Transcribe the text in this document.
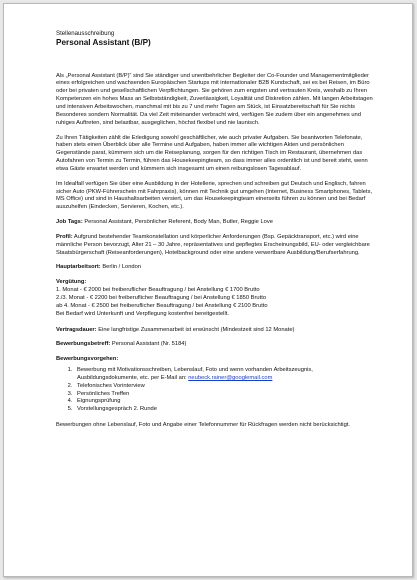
Stellenausschreibung
Personal Assistant (B/P)

Als „Personal Assistant (B/P)“ sind Sie ständiger und unentbehrlicher Begleiter der Co-Founder und Managementmitglieder eines erfolgreichen und wachsenden Europäischen Startups mit internationaler B2B Kundschaft, sei es bei Reisen, im Büro oder bei privaten und gesellschaftlichen Verpflichtungen. Sie gehören zum engsten und vertrauten Kreis, weshalb zu Ihren Kompetenzen ein hohes Mass an Selbstständigkeit, Zuverlässigkeit, Loyalität und Diskretion zählen. Mit langen Arbeitstagen und intensiven Arbeitswochen, manchmal mit bis zu 7 und mehr Tagen am Stück, ist Einsatzbereitschaft für Sie nichts Besonderes sondern Normalität. Da viel Zeit miteinander verbracht wird, verfügen Sie zudem über ein angenehmes und ruhiges Auftreten, sind belastbar, ausgeglichen, höchst flexibel und nie launisch.

Zu Ihren Tätigkeiten zählt die Erledigung sowohl geschäftlicher, wie auch privater Aufgaben. Sie beantworten Telefonate, haben stets einen Überblick über alle Termine und Aufgaben, haben immer alle wichtigen Akten und persönlichen Gegenstände parat, kümmern sich um die Reiseplanung, sorgen für den richtigen Tisch im Restaurant, übernehmen das Autofahren von Termin zu Termin, führen das Housekeepingteam, so dass immer alles ordentlich ist und bereit steht, wenn etwa Gäste erwartet werden und kümmern sich insgesamt um einen reibungslosen Tagesablauf.

Im Idealfall verfügen Sie über eine Ausbildung in der Hotellerie, sprechen und schreiben gut Deutsch und Englisch, fahren sicher Auto (PKW-Führerschein mit Fahrpraxis), können mit Technik gut umgehen (Internet, Business Smartphones, Tablets, MS Office) und sind in Haushaltsarbeiten versiert, um das Housekeepingteam einerseits führen zu können und bei Bedarf auszuhelfen (Eindecken, Servieren, Kochen, etc.).

Job Tags: Personal Assistant, Persönlicher Referent, Body Man, Butler, Reggie Love

Profil: Aufgrund bestehender Teamkonstellation und körperlicher Anforderungen (Bsp. Gepäcktransport, etc.) wird eine männliche Person bevorzugt, Alter 21 – 30 Jahre, repräsentatives und gepflegtes Erscheinungsbild, EU- oder vergleichbare Staatsbürgerschaft (Reiseanforderungen), Hotelbackground oder eine andere verwertbare Ausbildung/Berufserfahrung.

Hauptarbeitsort: Berlin / London

Vergütung:
1. Monat - € 2000 bei freiberuflicher Beauftragung / bei Anstellung € 1700 Brutto
2./3. Monat - € 2200 bei freiberuflicher Beauftragung / bei Anstellung € 1850 Brutto
ab 4. Monat - € 2500 bei freiberuflicher Beauftragung / bei Anstellung € 2100 Brutto
Bei Bedarf wird Unterkunft und Verpflegung kostenfrei bereitgestellt.

Vertragsdauer: Eine langfristige Zusammenarbeit ist erwünscht (Mindestzeit sind 12 Monate)

Bewerbungsbetreff: Personal Assistant (Nr. 5184)

Bewerbungsvorgehen:
1. Bewerbung mit Motivationsschreiben, Lebenslauf, Foto und wenn vorhanden Arbeitszeugnis, Ausbildungsdokumente, etc. per E-Mail an: neubeck.rainer@googlemail.com
2. Telefonisches Vorinterview
3. Persönliches Treffen
4. Eignungsprüfung
5. Vorstellungsgespräch 2. Runde

Bewerbungen ohne Lebenslauf, Foto und Angabe einer Telefonnummer für Rückfragen werden nicht berücksichtigt.
